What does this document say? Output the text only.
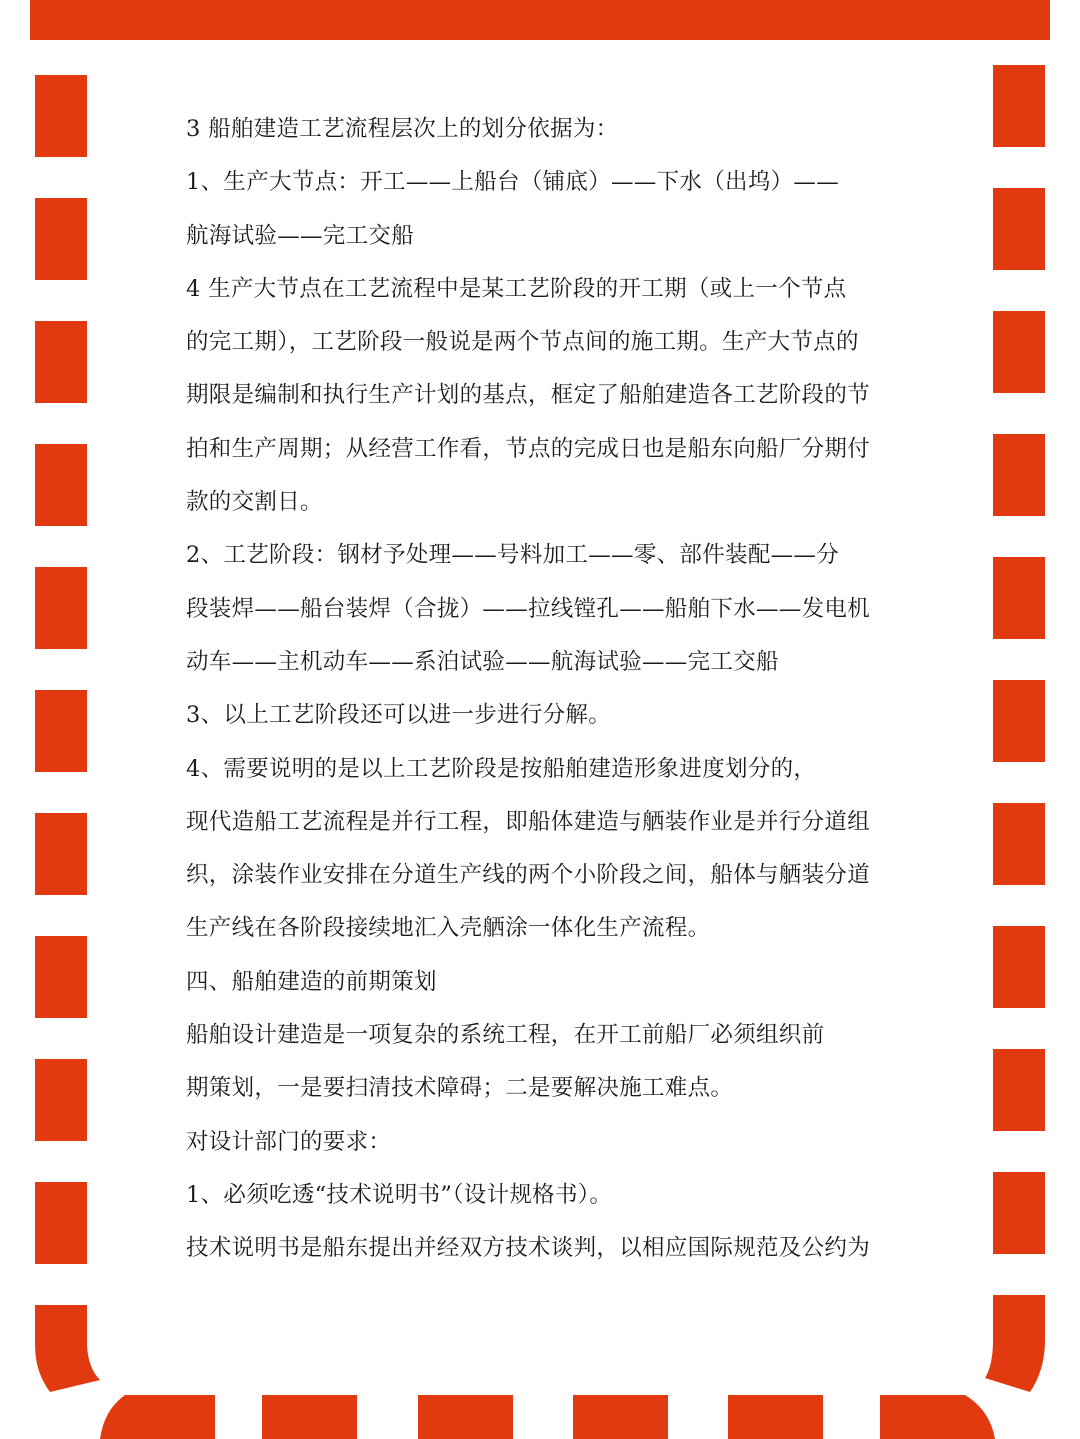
3 船舶建造工艺流程层次上的划分依据为：
1、生产大节点：开工——上船台（铺底）——下水（出坞）——
航海试验——完工交船
4 生产大节点在工艺流程中是某工艺阶段的开工期（或上一个节点
的完工期），工艺阶段一般说是两个节点间的施工期。生产大节点的
期限是编制和执行生产计划的基点，框定了船舶建造各工艺阶段的节
拍和生产周期；从经营工作看，节点的完成日也是船东向船厂分期付
款的交割日。
2、工艺阶段：钢材予处理——号料加工——零、部件装配——分
段装焊——船台装焊（合拢）——拉线镗孔——船舶下水——发电机
动车——主机动车——系泊试验——航海试验——完工交船
3、以上工艺阶段还可以进一步进行分解。
4、需要说明的是以上工艺阶段是按船舶建造形象进度划分的，
现代造船工艺流程是并行工程，即船体建造与舾装作业是并行分道组
织，涂装作业安排在分道生产线的两个小阶段之间，船体与舾装分道
生产线在各阶段接续地汇入壳舾涂一体化生产流程。
四、船舶建造的前期策划
船舶设计建造是一项复杂的系统工程，在开工前船厂必须组织前
期策划，一是要扫清技术障碍；二是要解决施工难点。
对设计部门的要求：
1、必须吃透“技术说明书”（设计规格书）。
技术说明书是船东提出并经双方技术谈判，以相应国际规范及公约为
